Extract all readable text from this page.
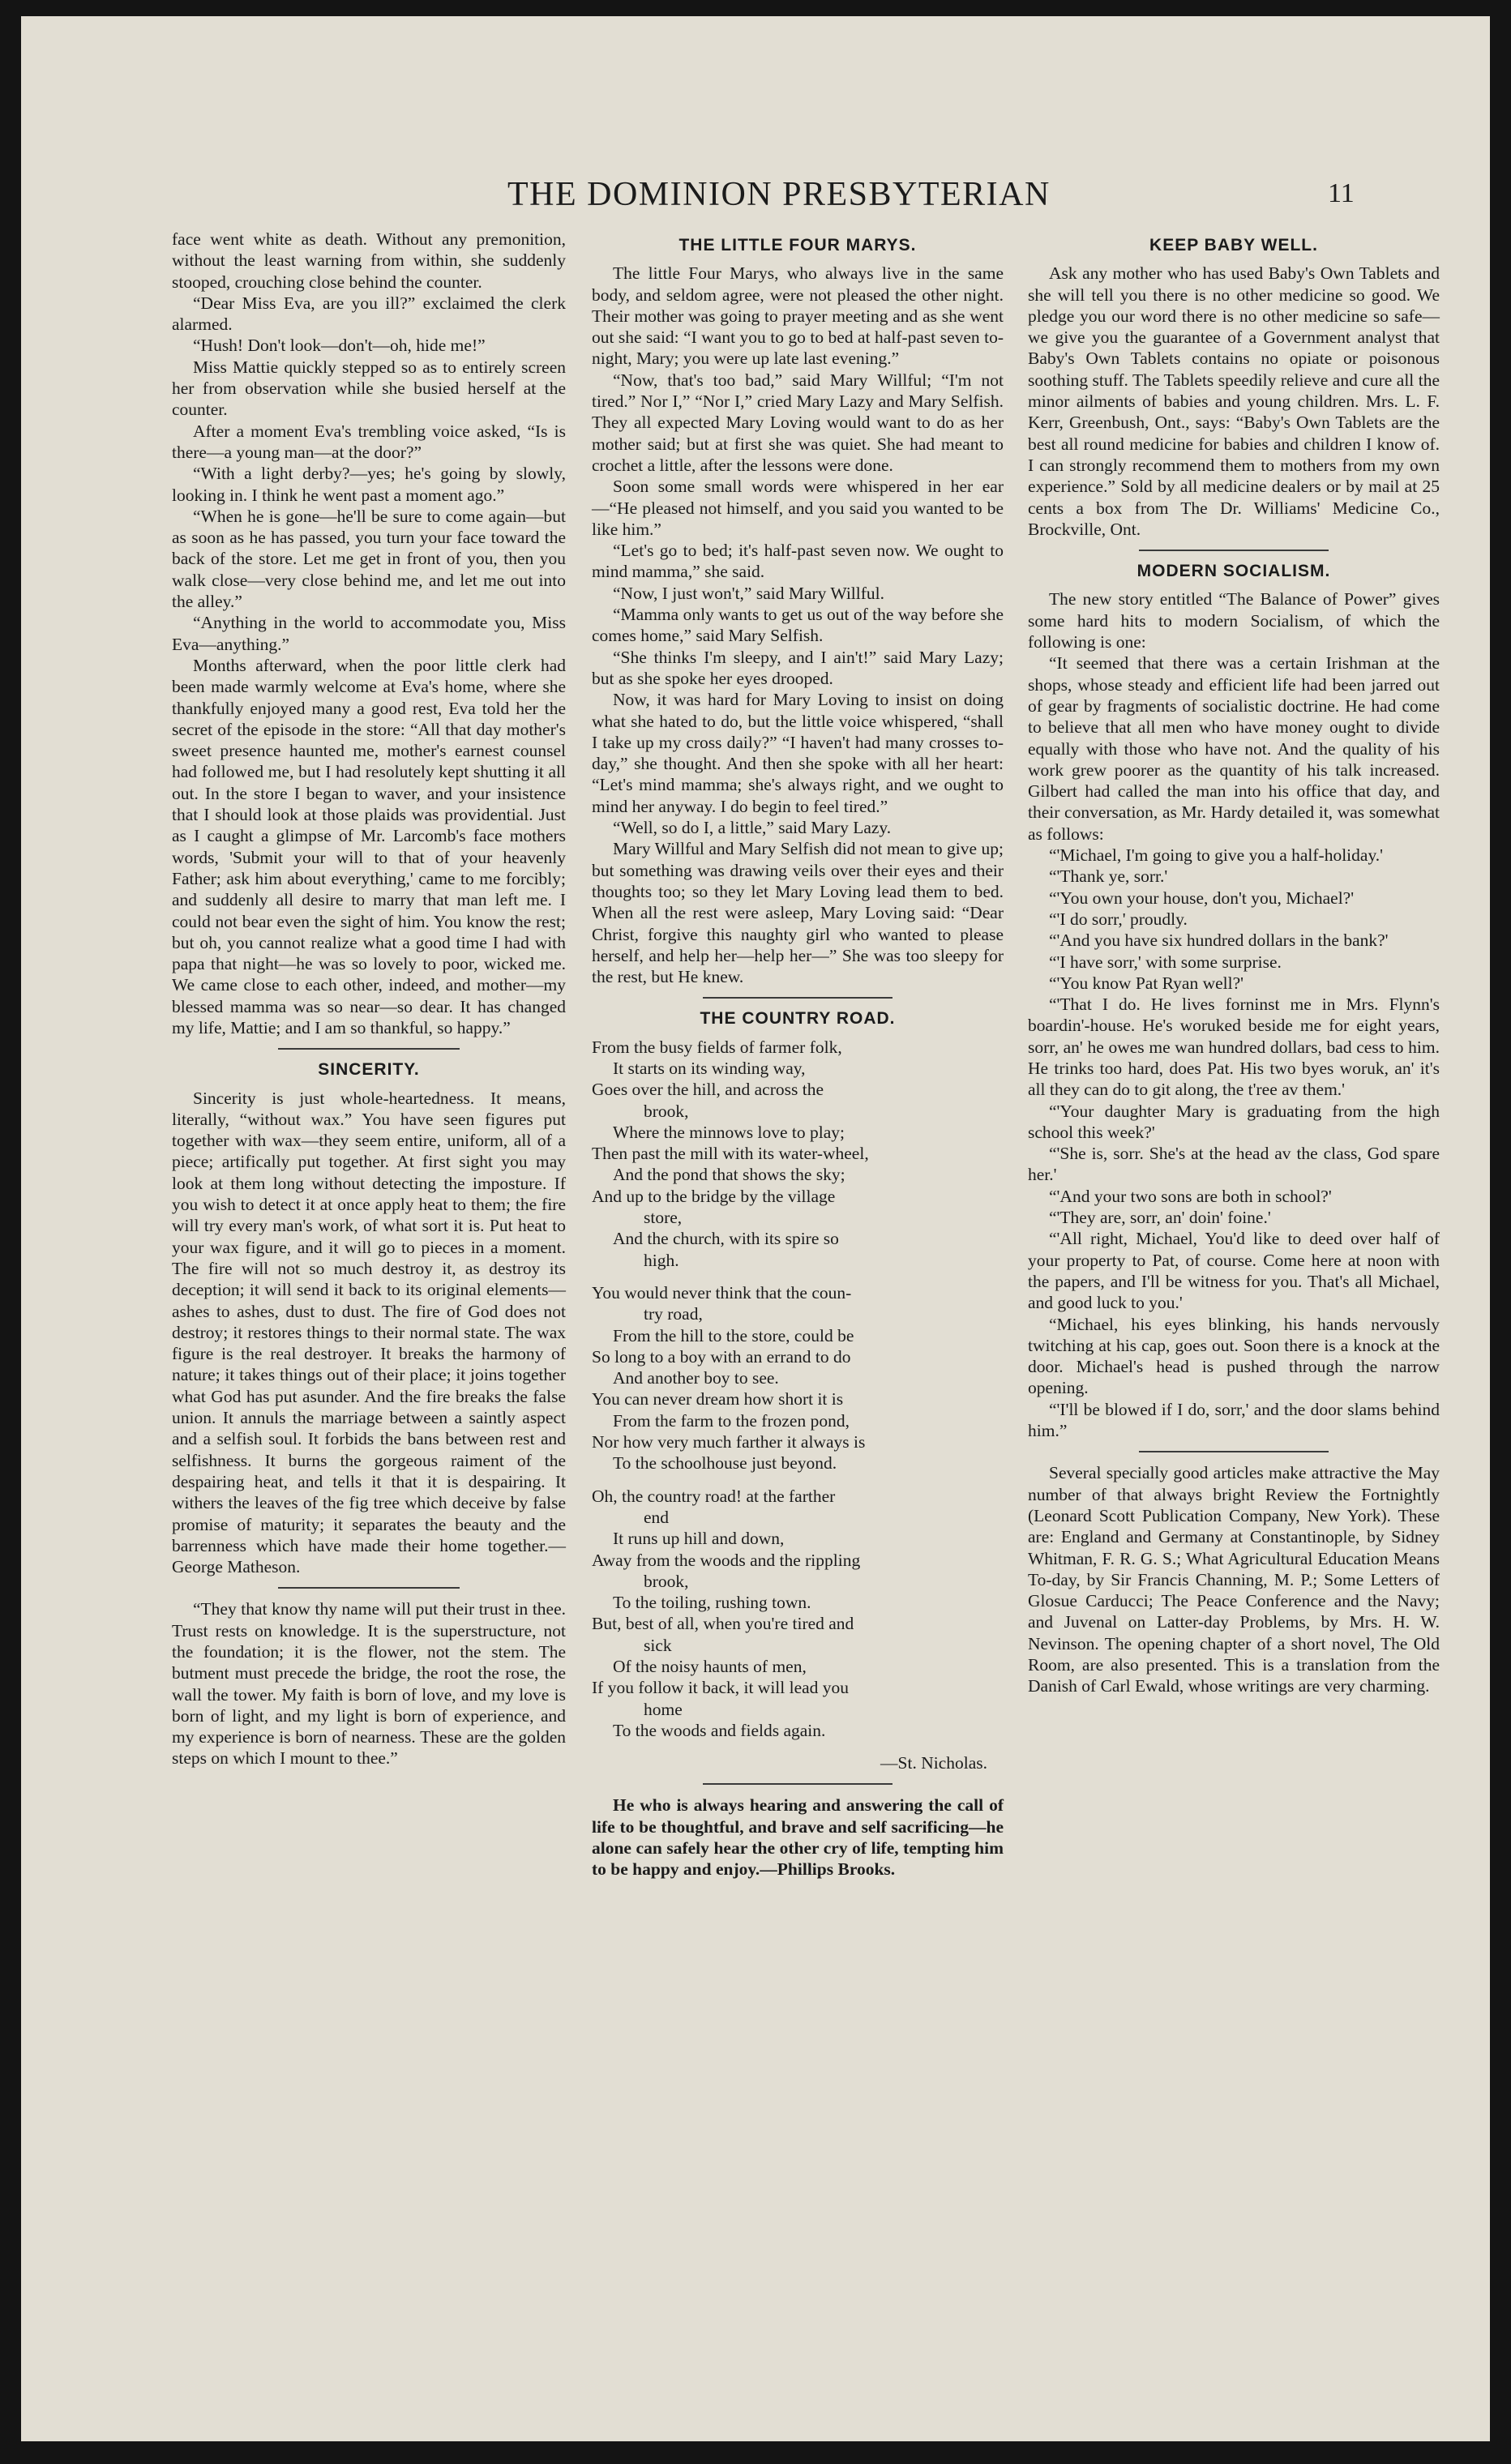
THE DOMINION PRESBYTERIAN	11

face went white as death. Without any premonition, without the least warning from within, she suddenly stooped, crouching close behind the counter.

“Dear Miss Eva, are you ill?” exclaimed the clerk alarmed.

“Hush! Don't look—don't—oh, hide me!”

Miss Mattie quickly stepped so as to entirely screen her from observation while she busied herself at the counter.

After a moment Eva's trembling voice asked, “Is is there—a young man—at the door?”

“With a light derby?—yes; he's going by slowly, looking in. I think he went past a moment ago.”

“When he is gone—he'll be sure to come again—but as soon as he has passed, you turn your face toward the back of the store. Let me get in front of you, then you walk close—very close behind me, and let me out into the alley.”

“Anything in the world to accommodate you, Miss Eva—anything.”

Months afterward, when the poor little clerk had been made warmly welcome at Eva's home, where she thankfully enjoyed many a good rest, Eva told her the secret of the episode in the store: “All that day mother's sweet presence haunted me, mother's earnest counsel had followed me, but I had resolutely kept shutting it all out. In the store I began to waver, and your insistence that I should look at those plaids was providential. Just as I caught a glimpse of Mr. Larcomb's face mothers words, 'Submit your will to that of your heavenly Father; ask him about everything,' came to me forcibly; and suddenly all desire to marry that man left me. I could not bear even the sight of him. You know the rest; but oh, you cannot realize what a good time I had with papa that night—he was so lovely to poor, wicked me. We came close to each other, indeed, and mother—my blessed mamma was so near—so dear. It has changed my life, Mattie; and I am so thankful, so happy.”

SINCERITY.

Sincerity is just whole-heartedness. It means, literally, “without wax.” You have seen figures put together with wax—they seem entire, uniform, all of a piece; artifically put together. At first sight you may look at them long without detecting the imposture. If you wish to detect it at once apply heat to them; the fire will try every man's work, of what sort it is. Put heat to your wax figure, and it will go to pieces in a moment. The fire will not so much destroy it, as destroy its deception; it will send it back to its original elements—ashes to ashes, dust to dust. The fire of God does not destroy; it restores things to their normal state. The wax figure is the real destroyer. It breaks the harmony of nature; it takes things out of their place; it joins together what God has put asunder. And the fire breaks the false union. It annuls the marriage between a saintly aspect and a selfish soul. It forbids the bans between rest and selfishness. It burns the gorgeous raiment of the despairing heat, and tells it that it is despairing. It withers the leaves of the fig tree which deceive by false promise of maturity; it separates the beauty and the barrenness which have made their home together.—George Matheson.

“They that know thy name will put their trust in thee. Trust rests on knowledge. It is the superstructure, not the foundation; it is the flower, not the stem. The butment must precede the bridge, the root the rose, the wall the tower. My faith is born of love, and my love is born of light, and my light is born of experience, and my experience is born of nearness. These are the golden steps on which I mount to thee.”

THE LITTLE FOUR MARYS.

The little Four Marys, who always live in the same body, and seldom agree, were not pleased the other night. Their mother was going to prayer meeting and as she went out she said: “I want you to go to bed at half-past seven to-night, Mary; you were up late last evening.”

“Now, that's too bad,” said Mary Willful; “I'm not tired.” Nor I,” “Nor I,” cried Mary Lazy and Mary Selfish. They all expected Mary Loving would want to do as her mother said; but at first she was quiet. She had meant to crochet a little, after the lessons were done.

Soon some small words were whispered in her ear—“He pleased not himself, and you said you wanted to be like him.”

“Let's go to bed; it's half-past seven now. We ought to mind mamma,” she said.

“Now, I just won't,” said Mary Willful.

“Mamma only wants to get us out of the way before she comes home,” said Mary Selfish.

“She thinks I'm sleepy, and I ain't!” said Mary Lazy; but as she spoke her eyes drooped.

Now, it was hard for Mary Loving to insist on doing what she hated to do, but the little voice whispered, “shall I take up my cross daily?” “I haven't had many crosses to-day,” she thought. And then she spoke with all her heart: “Let's mind mamma; she's always right, and we ought to mind her anyway. I do begin to feel tired.”

“Well, so do I, a little,” said Mary Lazy.

Mary Willful and Mary Selfish did not mean to give up; but something was drawing veils over their eyes and their thoughts too; so they let Mary Loving lead them to bed. When all the rest were asleep, Mary Loving said: “Dear Christ, forgive this naughty girl who wanted to please herself, and help her—help her—” She was too sleepy for the rest, but He knew.

THE COUNTRY ROAD.
From the busy fields of farmer folk,
It starts on its winding way,
Goes over the hill, and across the
brook,
Where the minnows love to play;
Then past the mill with its water-wheel,
And the pond that shows the sky;
And up to the bridge by the village
store,
And the church, with its spire so
high.
You would never think that the coun-
try road,
From the hill to the store, could be
So long to a boy with an errand to do
And another boy to see.
You can never dream how short it is
From the farm to the frozen pond,
Nor how very much farther it always is
To the schoolhouse just beyond.
Oh, the country road! at the farther
end
It runs up hill and down,
Away from the woods and the rippling
brook,
To the toiling, rushing town.
But, best of all, when you're tired and
sick
Of the noisy haunts of men,
If you follow it back, it will lead you
home
To the woods and fields again.
—St. Nicholas.

He who is always hearing and answering the call of life to be thoughtful, and brave and self sacrificing—he alone can safely hear the other cry of life, tempting him to be happy and enjoy.—Phillips Brooks.

KEEP BABY WELL.

Ask any mother who has used Baby's Own Tablets and she will tell you there is no other medicine so good. We pledge you our word there is no other medicine so safe—we give you the guarantee of a Government analyst that Baby's Own Tablets contains no opiate or poisonous soothing stuff. The Tablets speedily relieve and cure all the minor ailments of babies and young children. Mrs. L. F. Kerr, Greenbush, Ont., says: “Baby's Own Tablets are the best all round medicine for babies and children I know of. I can strongly recommend them to mothers from my own experience.” Sold by all medicine dealers or by mail at 25 cents a box from The Dr. Williams' Medicine Co., Brockville, Ont.

MODERN SOCIALISM.

The new story entitled “The Balance of Power” gives some hard hits to modern Socialism, of which the following is one:

“It seemed that there was a certain Irishman at the shops, whose steady and efficient life had been jarred out of gear by fragments of socialistic doctrine. He had come to believe that all men who have money ought to divide equally with those who have not. And the quality of his work grew poorer as the quantity of his talk increased. Gilbert had called the man into his office that day, and their conversation, as Mr. Hardy detailed it, was somewhat as follows:

“'Michael, I'm going to give you a half-holiday.'

“'Thank ye, sorr.'

“'You own your house, don't you, Michael?'

“'I do sorr,' proudly.

“'And you have six hundred dollars in the bank?'

“'I have sorr,' with some surprise.

“'You know Pat Ryan well?'

“'That I do. He lives forninst me in Mrs. Flynn's boardin'-house. He's woruked beside me for eight years, sorr, an' he owes me wan hundred dollars, bad cess to him. He trinks too hard, does Pat. His two byes woruk, an' it's all they can do to git along, the t'ree av them.'

“'Your daughter Mary is graduating from the high school this week?'

“'She is, sorr. She's at the head av the class, God spare her.'

“'And your two sons are both in school?'

“'They are, sorr, an' doin' foine.'

“'All right, Michael, You'd like to deed over half of your property to Pat, of course. Come here at noon with the papers, and I'll be witness for you. That's all Michael, and good luck to you.'

“Michael, his eyes blinking, his hands nervously twitching at his cap, goes out. Soon there is a knock at the door. Michael's head is pushed through the narrow opening.

“'I'll be blowed if I do, sorr,' and the door slams behind him.”

Several specially good articles make attractive the May number of that always bright Review the Fortnightly (Leonard Scott Publication Company, New York). These are: England and Germany at Constantinople, by Sidney Whitman, F. R. G. S.; What Agricultural Education Means To-day, by Sir Francis Channing, M. P.; Some Letters of Glosue Carducci; The Peace Conference and the Navy; and Juvenal on Latter-day Problems, by Mrs. H. W. Nevinson. The opening chapter of a short novel, The Old Room, are also presented. This is a translation from the Danish of Carl Ewald, whose writings are very charming.
